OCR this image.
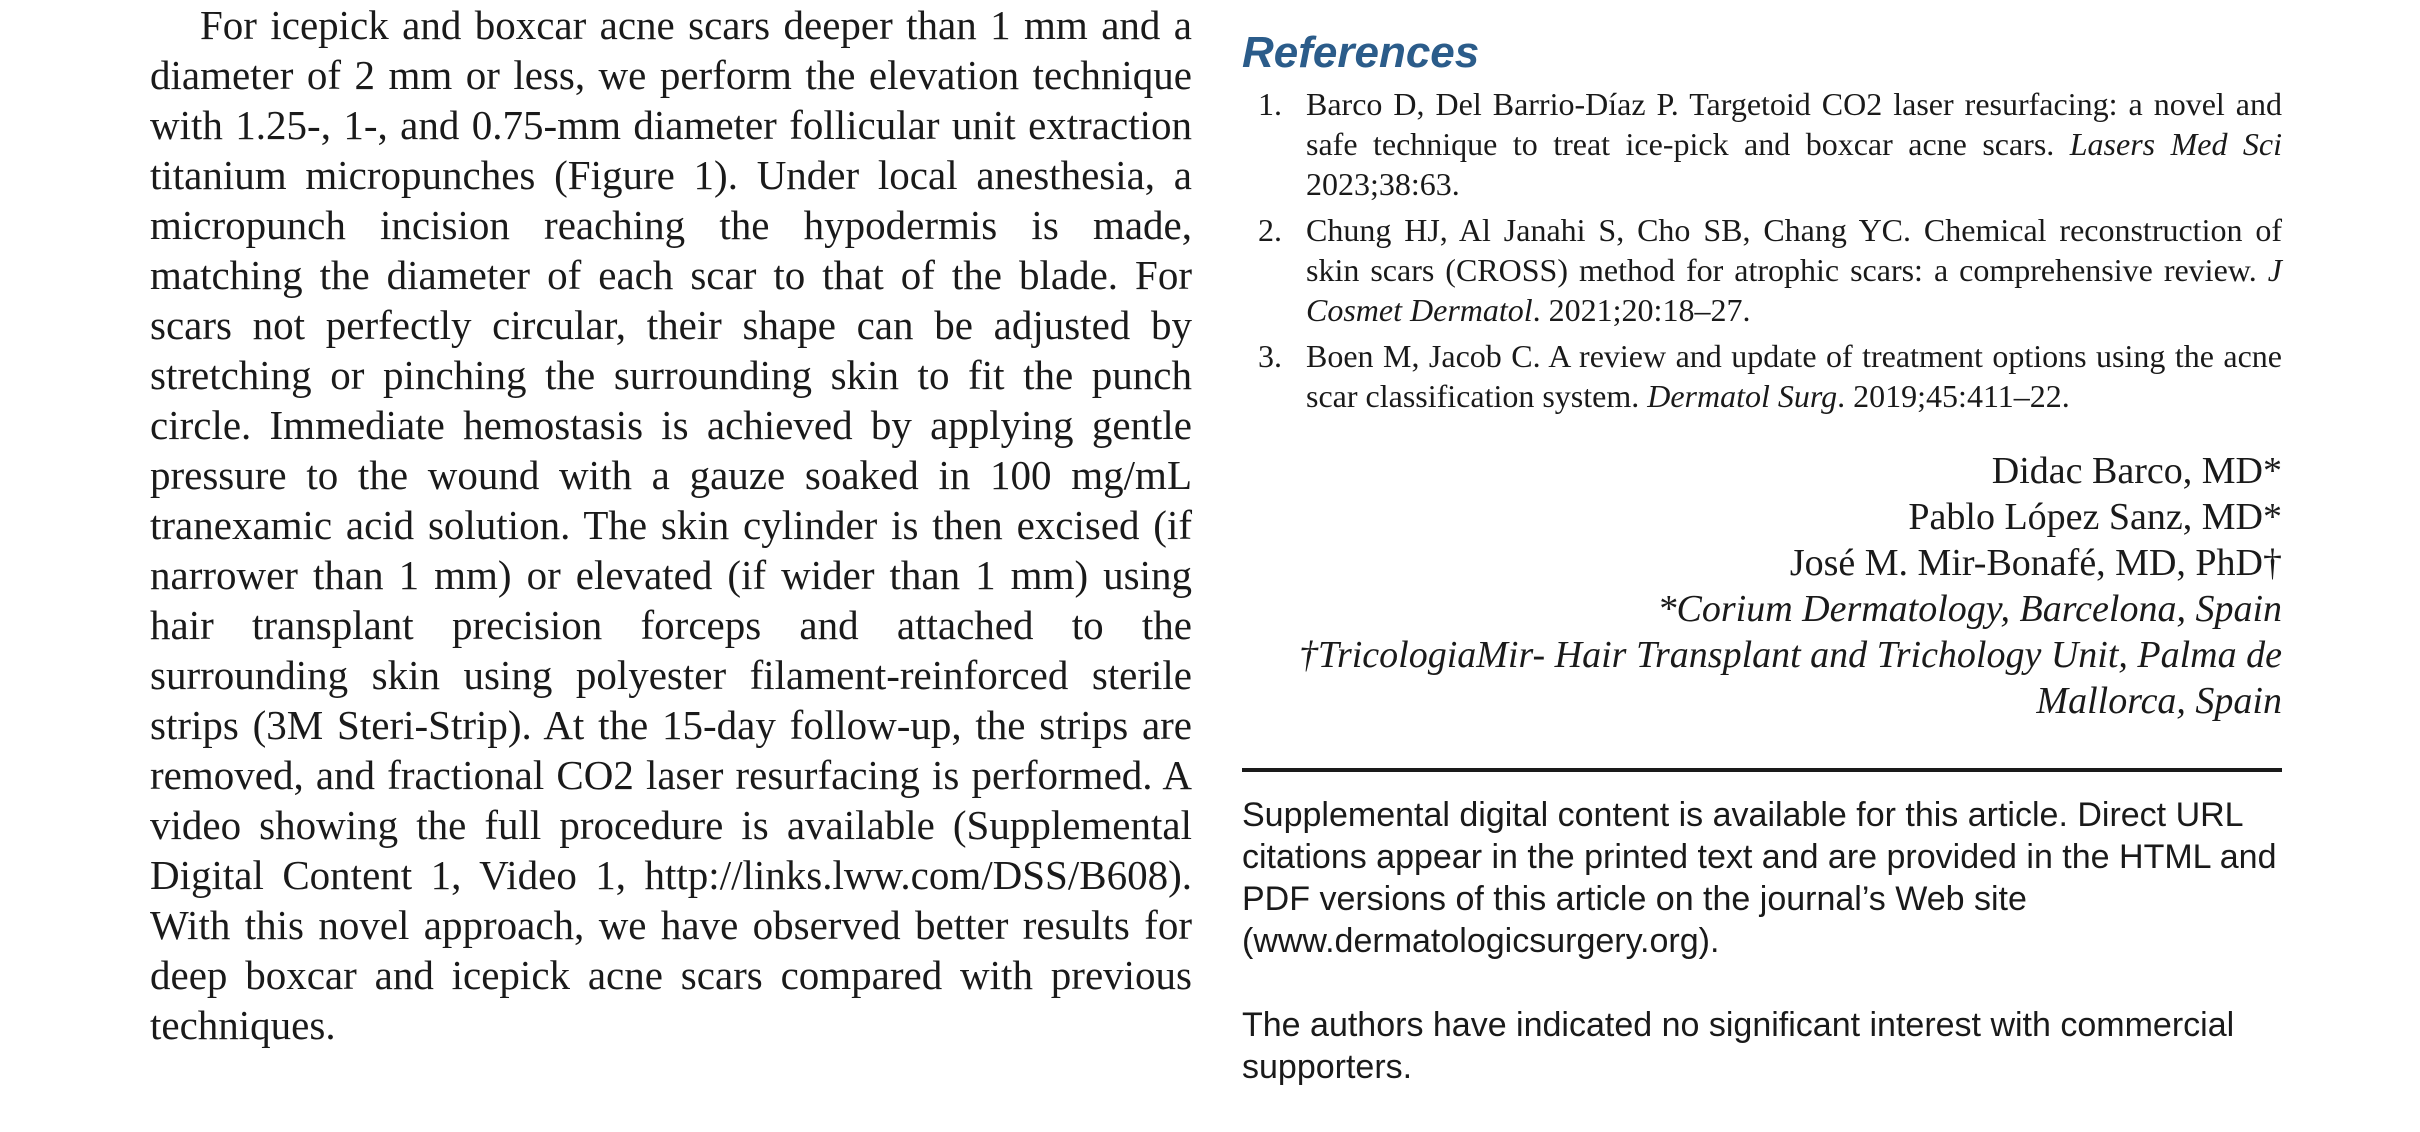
For icepick and boxcar acne scars deeper than 1 mm and a diameter of 2 mm or less, we perform the elevation technique with 1.25-, 1-, and 0.75-mm diameter follicular unit extraction titanium micropunches (Figure 1). Under local anesthesia, a micropunch incision reaching the hypodermis is made, matching the diameter of each scar to that of the blade. For scars not perfectly circular, their shape can be adjusted by stretching or pinching the surrounding skin to fit the punch circle. Immediate hemostasis is achieved by applying gentle pressure to the wound with a gauze soaked in 100 mg/mL tranexamic acid solution. The skin cylinder is then excised (if narrower than 1 mm) or elevated (if wider than 1 mm) using hair transplant precision forceps and attached to the surrounding skin using polyester filament-reinforced sterile strips (3M Steri-Strip). At the 15-day follow-up, the strips are removed, and fractional CO2 laser resurfacing is performed. A video showing the full procedure is available (Supplemental Digital Content 1, Video 1, http://links.lww.com/DSS/B608). With this novel approach, we have observed better results for deep boxcar and icepick acne scars compared with previous techniques.

References
1. Barco D, Del Barrio-Díaz P. Targetoid CO2 laser resurfacing: a novel and safe technique to treat ice-pick and boxcar acne scars. Lasers Med Sci 2023;38:63.
2. Chung HJ, Al Janahi S, Cho SB, Chang YC. Chemical reconstruction of skin scars (CROSS) method for atrophic scars: a comprehensive review. J Cosmet Dermatol. 2021;20:18–27.
3. Boen M, Jacob C. A review and update of treatment options using the acne scar classification system. Dermatol Surg. 2019;45:411–22.
Didac Barco, MD*
Pablo López Sanz, MD*
José M. Mir-Bonafé, MD, PhD†
*Corium Dermatology, Barcelona, Spain
†TricologiaMir- Hair Transplant and Trichology Unit, Palma de Mallorca, Spain
Supplemental digital content is available for this article. Direct URL citations appear in the printed text and are provided in the HTML and PDF versions of this article on the journal’s Web site (www.dermatologicsurgery.org).
The authors have indicated no significant interest with commercial supporters.
